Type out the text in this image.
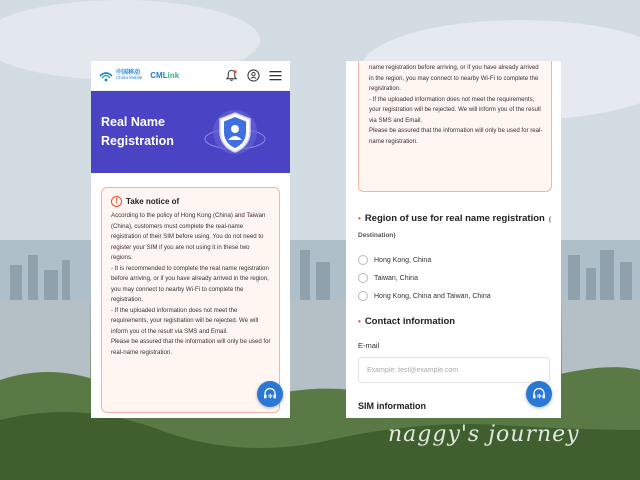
中国移动
China Mobile CMLink
Real Name
Registration
!	Take notice of

According to the policy of Hong Kong (China) and Taiwan (China), customers must complete the real-name registration of their SIM before using. You do not need to register your SIM if you are not using it in these two regions.

- It is recommended to complete the real name registration before arriving, or if you have already arrived in the region, you may connect to nearby Wi-Fi to complete the registration.

- If the uploaded information does not meet the requirements, your registration will be rejected. We will inform you of the result via SMS and Email.

Please be assured that the information will only be used for real-name registration.

name registration before arriving, or if you have already arrived in the region, you may connect to nearby Wi-Fi to complete the registration.

- If the uploaded information does not meet the requirements, your registration will be rejected. We will inform you of the result via SMS and Email.

Please be assured that the information will only be used for real-name registration.

• Region of use for real name registration ( Destination)
Hong Kong, China
Taiwan, China
Hong Kong, China and Taiwan, China
• Contact information
E-mail
Example: test@example.com
SIM information
naggy's journey
